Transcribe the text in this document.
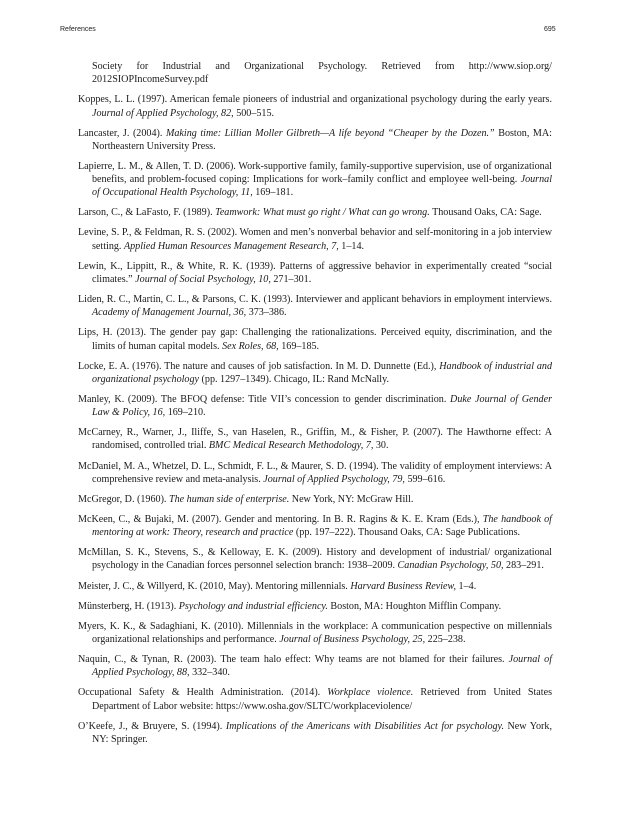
References	695
Society for Industrial and Organizational Psychology. Retrieved from http://www.siop.org/ 2012SIOPIncomeSurvey.pdf
Koppes, L. L. (1997). American female pioneers of industrial and organizational psychology during the early years. Journal of Applied Psychology, 82, 500–515.
Lancaster, J. (2004). Making time: Lillian Moller Gilbreth—A life beyond “Cheaper by the Dozen.” Boston, MA: Northeastern University Press.
Lapierre, L. M., & Allen, T. D. (2006). Work-supportive family, family-supportive supervision, use of organizational benefits, and problem-focused coping: Implications for work–family conflict and employee well-being. Journal of Occupational Health Psychology, 11, 169–181.
Larson, C., & LaFasto, F. (1989). Teamwork: What must go right / What can go wrong. Thousand Oaks, CA: Sage.
Levine, S. P., & Feldman, R. S. (2002). Women and men’s nonverbal behavior and self-monitoring in a job interview setting. Applied Human Resources Management Research, 7, 1–14.
Lewin, K., Lippitt, R., & White, R. K. (1939). Patterns of aggressive behavior in experimentally created “social climates.” Journal of Social Psychology, 10, 271–301.
Liden, R. C., Martin, C. L., & Parsons, C. K. (1993). Interviewer and applicant behaviors in employment interviews. Academy of Management Journal, 36, 373–386.
Lips, H. (2013). The gender pay gap: Challenging the rationalizations. Perceived equity, discrimination, and the limits of human capital models. Sex Roles, 68, 169–185.
Locke, E. A. (1976). The nature and causes of job satisfaction. In M. D. Dunnette (Ed.), Handbook of industrial and organizational psychology (pp. 1297–1349). Chicago, IL: Rand McNally.
Manley, K. (2009). The BFOQ defense: Title VII’s concession to gender discrimination. Duke Journal of Gender Law & Policy, 16, 169–210.
McCarney, R., Warner, J., Iliffe, S., van Haselen, R., Griffin, M., & Fisher, P. (2007). The Hawthorne effect: A randomised, controlled trial. BMC Medical Research Methodology, 7, 30.
McDaniel, M. A., Whetzel, D. L., Schmidt, F. L., & Maurer, S. D. (1994). The validity of employment interviews: A comprehensive review and meta-analysis. Journal of Applied Psychology, 79, 599–616.
McGregor, D. (1960). The human side of enterprise. New York, NY: McGraw Hill.
McKeen, C., & Bujaki, M. (2007). Gender and mentoring. In B. R. Ragins & K. E. Kram (Eds.), The handbook of mentoring at work: Theory, research and practice (pp. 197–222). Thousand Oaks, CA: Sage Publications.
McMillan, S. K., Stevens, S., & Kelloway, E. K. (2009). History and development of industrial/ organizational psychology in the Canadian forces personnel selection branch: 1938–2009. Canadian Psychology, 50, 283–291.
Meister, J. C., & Willyerd, K. (2010, May). Mentoring millennials. Harvard Business Review, 1–4.
Münsterberg, H. (1913). Psychology and industrial efficiency. Boston, MA: Houghton Mifflin Company.
Myers, K. K., & Sadaghiani, K. (2010). Millennials in the workplace: A communication pespective on millennials organizational relationships and performance. Journal of Business Psychology, 25, 225–238.
Naquin, C., & Tynan, R. (2003). The team halo effect: Why teams are not blamed for their failures. Journal of Applied Psychology, 88, 332–340.
Occupational Safety & Health Administration. (2014). Workplace violence. Retrieved from United States Department of Labor website: https://www.osha.gov/SLTC/workplaceviolence/
O’Keefe, J., & Bruyere, S. (1994). Implications of the Americans with Disabilities Act for psychology. New York, NY: Springer.
